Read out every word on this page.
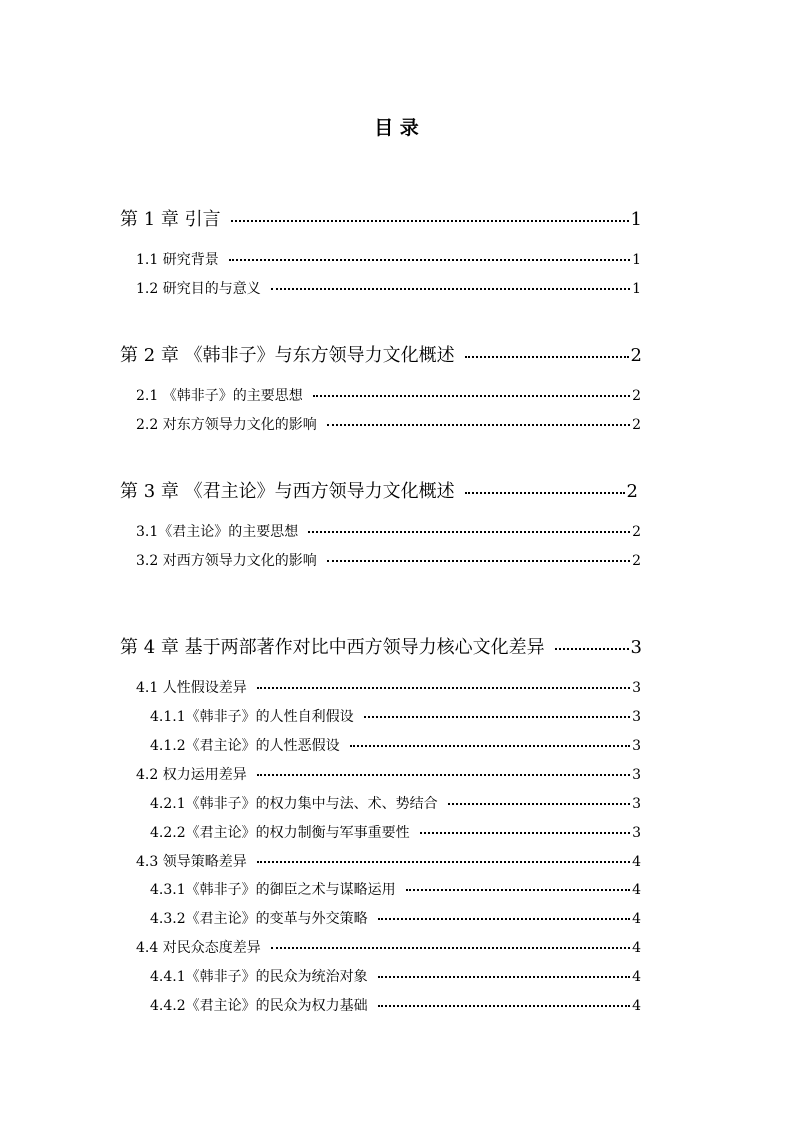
目 录
第 1 章 引言	1
1.1 研究背景	1
1.2 研究目的与意义	1
第 2 章 《韩非子》与东方领导力文化概述	2
2.1 《韩非子》的主要思想	2
2.2 对东方领导力文化的影响	2
第 3 章 《君主论》与西方领导力文化概述	2
3.1《君主论》的主要思想	2
3.2 对西方领导力文化的影响	2
第 4 章 基于两部著作对比中西方领导力核心文化差异	3
4.1 人性假设差异	3
4.1.1《韩非子》的人性自利假设	3
4.1.2《君主论》的人性恶假设	3
4.2 权力运用差异	3
4.2.1《韩非子》的权力集中与法、术、势结合	3
4.2.2《君主论》的权力制衡与军事重要性	3
4.3 领导策略差异	4
4.3.1《韩非子》的御臣之术与谋略运用	4
4.3.2《君主论》的变革与外交策略	4
4.4 对民众态度差异	4
4.4.1《韩非子》的民众为统治对象	4
4.4.2《君主论》的民众为权力基础	4
